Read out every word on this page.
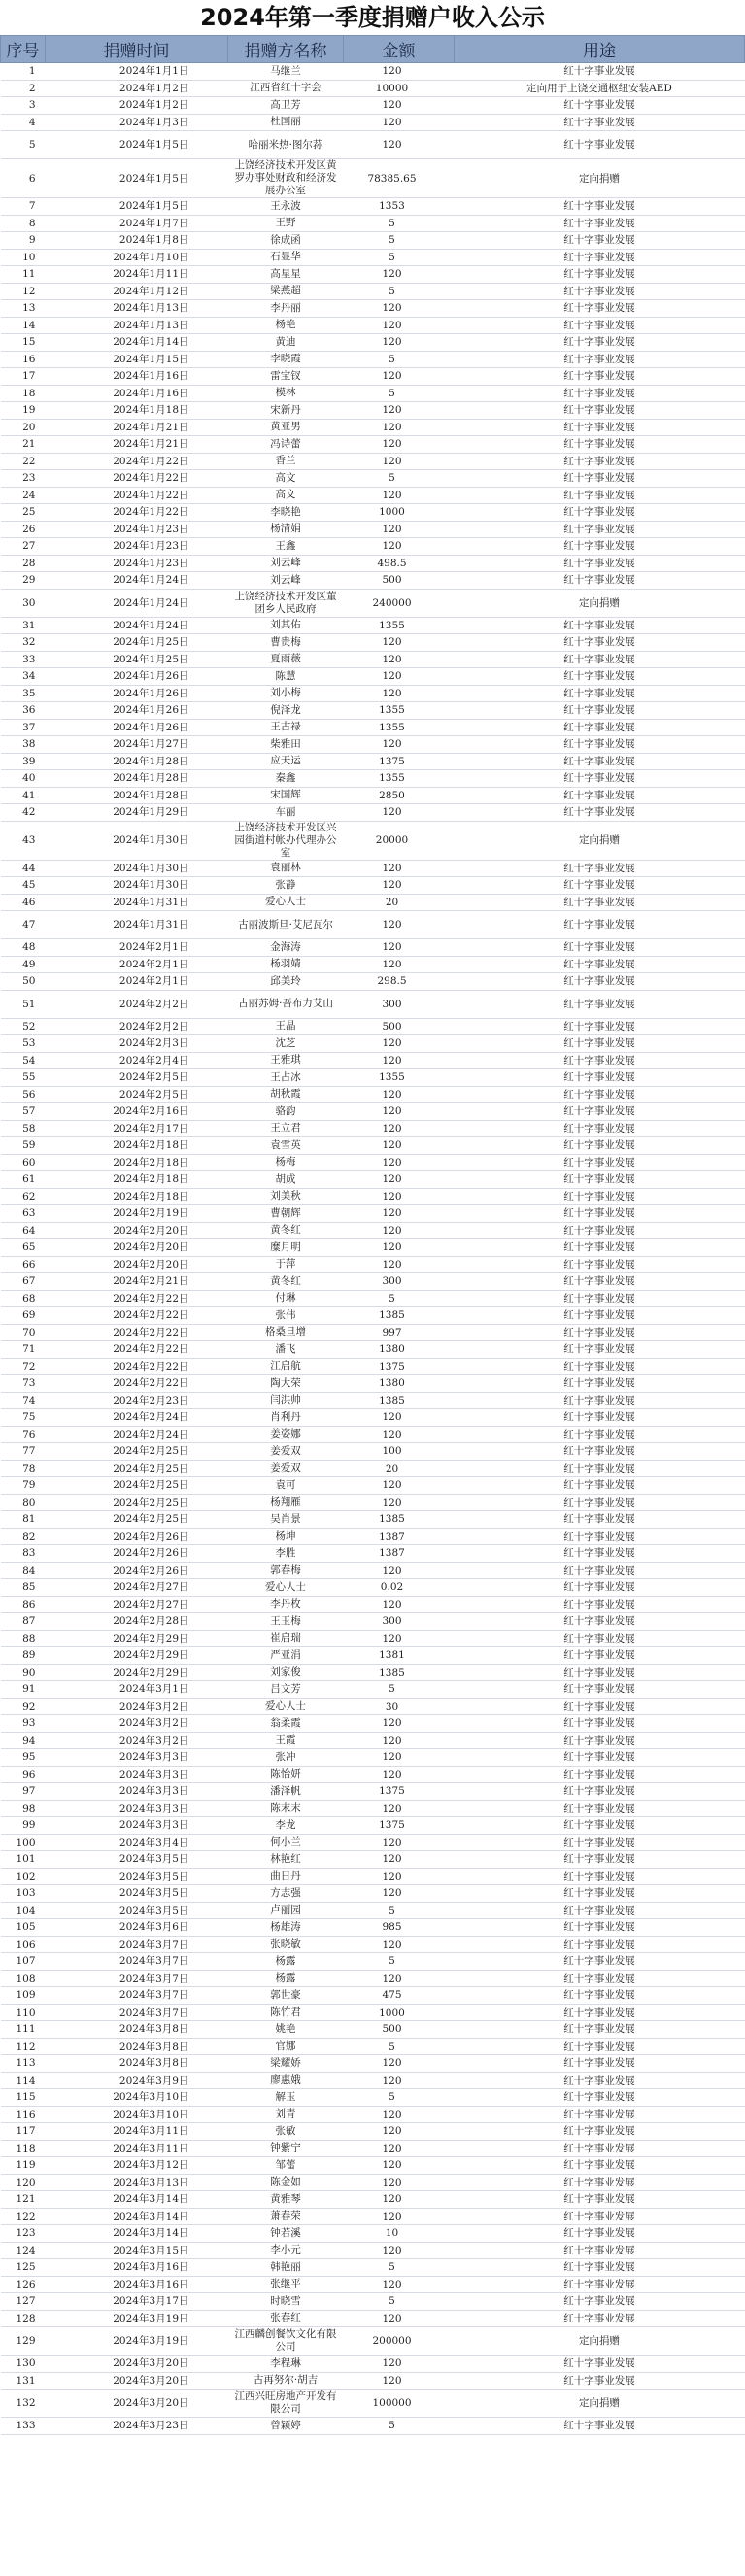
2024年第一季度捐赠户收入公示
序号	捐赠时间	捐赠方名称	金额	用途
1	2024年1月1日	马继兰	120	红十字事业发展
2	2024年1月2日	江西省红十字会	10000	定向用于上饶交通枢纽安装AED
3	2024年1月2日	高卫芳	120	红十字事业发展
4	2024年1月3日	杜国丽	120	红十字事业发展
5	2024年1月5日	哈丽米热·图尔荪	120	红十字事业发展
6	2024年1月5日	上饶经济技术开发区黄罗办事处财政和经济发展办公室	78385.65	定向捐赠
7	2024年1月5日	王永波	1353	红十字事业发展
8	2024年1月7日	王野	5	红十字事业发展
9	2024年1月8日	徐成函	5	红十字事业发展
10	2024年1月10日	石显华	5	红十字事业发展
11	2024年1月11日	高星星	120	红十字事业发展
12	2024年1月12日	梁燕超	5	红十字事业发展
13	2024年1月13日	李丹丽	120	红十字事业发展
14	2024年1月13日	杨艳	120	红十字事业发展
15	2024年1月14日	黄迪	120	红十字事业发展
16	2024年1月15日	李晓霞	5	红十字事业发展
17	2024年1月16日	雷宝钗	120	红十字事业发展
18	2024年1月16日	模林	5	红十字事业发展
19	2024年1月18日	宋新丹	120	红十字事业发展
20	2024年1月21日	黄亚男	120	红十字事业发展
21	2024年1月21日	冯诗蕾	120	红十字事业发展
22	2024年1月22日	香兰	120	红十字事业发展
23	2024年1月22日	高文	5	红十字事业发展
24	2024年1月22日	高文	120	红十字事业发展
25	2024年1月22日	李晓艳	1000	红十字事业发展
26	2024年1月23日	杨清娟	120	红十字事业发展
27	2024年1月23日	王鑫	120	红十字事业发展
28	2024年1月23日	刘云峰	498.5	红十字事业发展
29	2024年1月24日	刘云峰	500	红十字事业发展
30	2024年1月24日	上饶经济技术开发区董团乡人民政府	240000	定向捐赠
31	2024年1月24日	刘其佑	1355	红十字事业发展
32	2024年1月25日	曹贵梅	120	红十字事业发展
33	2024年1月25日	夏雨薇	120	红十字事业发展
34	2024年1月26日	陈慧	120	红十字事业发展
35	2024年1月26日	刘小梅	120	红十字事业发展
36	2024年1月26日	倪泽龙	1355	红十字事业发展
37	2024年1月26日	王古禄	1355	红十字事业发展
38	2024年1月27日	柴雅田	120	红十字事业发展
39	2024年1月28日	应天运	1375	红十字事业发展
40	2024年1月28日	秦鑫	1355	红十字事业发展
41	2024年1月28日	宋国辉	2850	红十字事业发展
42	2024年1月29日	车丽	120	红十字事业发展
43	2024年1月30日	上饶经济技术开发区兴园街道村帐办代理办公室	20000	定向捐赠
44	2024年1月30日	袁丽林	120	红十字事业发展
45	2024年1月30日	张静	120	红十字事业发展
46	2024年1月31日	爱心人士	20	红十字事业发展
47	2024年1月31日	古丽波斯旦·艾尼瓦尔	120	红十字事业发展
48	2024年2月1日	金海涛	120	红十字事业发展
49	2024年2月1日	杨羽婧	120	红十字事业发展
50	2024年2月1日	邱美玲	298.5	红十字事业发展
51	2024年2月2日	古丽苏姆·吾布力艾山	300	红十字事业发展
52	2024年2月2日	王晶	500	红十字事业发展
53	2024年2月3日	沈芝	120	红十字事业发展
54	2024年2月4日	王雅琪	120	红十字事业发展
55	2024年2月5日	王占冰	1355	红十字事业发展
56	2024年2月5日	胡秋霞	120	红十字事业发展
57	2024年2月16日	骆韵	120	红十字事业发展
58	2024年2月17日	王立君	120	红十字事业发展
59	2024年2月18日	袁雪英	120	红十字事业发展
60	2024年2月18日	杨梅	120	红十字事业发展
61	2024年2月18日	胡成	120	红十字事业发展
62	2024年2月18日	刘美秋	120	红十字事业发展
63	2024年2月19日	曹朝辉	120	红十字事业发展
64	2024年2月20日	黄冬红	120	红十字事业发展
65	2024年2月20日	糜月明	120	红十字事业发展
66	2024年2月20日	于萍	120	红十字事业发展
67	2024年2月21日	黄冬红	300	红十字事业发展
68	2024年2月22日	付琳	5	红十字事业发展
69	2024年2月22日	张伟	1385	红十字事业发展
70	2024年2月22日	格桑旦增	997	红十字事业发展
71	2024年2月22日	潘飞	1380	红十字事业发展
72	2024年2月22日	江启航	1375	红十字事业发展
73	2024年2月22日	陶大荣	1380	红十字事业发展
74	2024年2月23日	闫洪帅	1385	红十字事业发展
75	2024年2月24日	肖利丹	120	红十字事业发展
76	2024年2月24日	姜姿娜	120	红十字事业发展
77	2024年2月25日	姜爱双	100	红十字事业发展
78	2024年2月25日	姜爱双	20	红十字事业发展
79	2024年2月25日	袁可	120	红十字事业发展
80	2024年2月25日	杨翔雁	120	红十字事业发展
81	2024年2月25日	吴肖景	1385	红十字事业发展
82	2024年2月26日	杨坤	1387	红十字事业发展
83	2024年2月26日	李胜	1387	红十字事业发展
84	2024年2月26日	郭春梅	120	红十字事业发展
85	2024年2月27日	爱心人士	0.02	红十字事业发展
86	2024年2月27日	李丹枚	120	红十字事业发展
87	2024年2月28日	王玉梅	300	红十字事业发展
88	2024年2月29日	崔启瑞	120	红十字事业发展
89	2024年2月29日	严亚涓	1381	红十字事业发展
90	2024年2月29日	刘家俊	1385	红十字事业发展
91	2024年3月1日	吕文芳	5	红十字事业发展
92	2024年3月2日	爱心人士	30	红十字事业发展
93	2024年3月2日	翁柔霞	120	红十字事业发展
94	2024年3月2日	王霞	120	红十字事业发展
95	2024年3月3日	张冲	120	红十字事业发展
96	2024年3月3日	陈怡妍	120	红十字事业发展
97	2024年3月3日	潘泽帆	1375	红十字事业发展
98	2024年3月3日	陈末末	120	红十字事业发展
99	2024年3月3日	李龙	1375	红十字事业发展
100	2024年3月4日	何小兰	120	红十字事业发展
101	2024年3月5日	林艳红	120	红十字事业发展
102	2024年3月5日	曲日丹	120	红十字事业发展
103	2024年3月5日	方志强	120	红十字事业发展
104	2024年3月5日	卢丽园	5	红十字事业发展
105	2024年3月6日	杨雄涛	985	红十字事业发展
106	2024年3月7日	张晓敏	120	红十字事业发展
107	2024年3月7日	杨露	5	红十字事业发展
108	2024年3月7日	杨露	120	红十字事业发展
109	2024年3月7日	郭世豪	475	红十字事业发展
110	2024年3月7日	陈竹君	1000	红十字事业发展
111	2024年3月8日	姚艳	500	红十字事业发展
112	2024年3月8日	官娜	5	红十字事业发展
113	2024年3月8日	梁耀娇	120	红十字事业发展
114	2024年3月9日	廖惠娥	120	红十字事业发展
115	2024年3月10日	解玉	5	红十字事业发展
116	2024年3月10日	刘青	120	红十字事业发展
117	2024年3月11日	张敏	120	红十字事业发展
118	2024年3月11日	钟紫宁	120	红十字事业发展
119	2024年3月12日	邹蕾	120	红十字事业发展
120	2024年3月13日	陈金如	120	红十字事业发展
121	2024年3月14日	黄雅琴	120	红十字事业发展
122	2024年3月14日	萧春荣	120	红十字事业发展
123	2024年3月14日	钟若溪	10	红十字事业发展
124	2024年3月15日	李小元	120	红十字事业发展
125	2024年3月16日	韩艳丽	5	红十字事业发展
126	2024年3月16日	张继平	120	红十字事业发展
127	2024年3月17日	时晓雪	5	红十字事业发展
128	2024年3月19日	张春红	120	红十字事业发展
129	2024年3月19日	江西麟创餐饮文化有限公司	200000	定向捐赠
130	2024年3月20日	李程琳	120	红十字事业发展
131	2024年3月20日	古再努尔·胡吉	120	红十字事业发展
132	2024年3月20日	江西兴旺房地产开发有限公司	100000	定向捐赠
133	2024年3月23日	曾颖婷	5	红十字事业发展
